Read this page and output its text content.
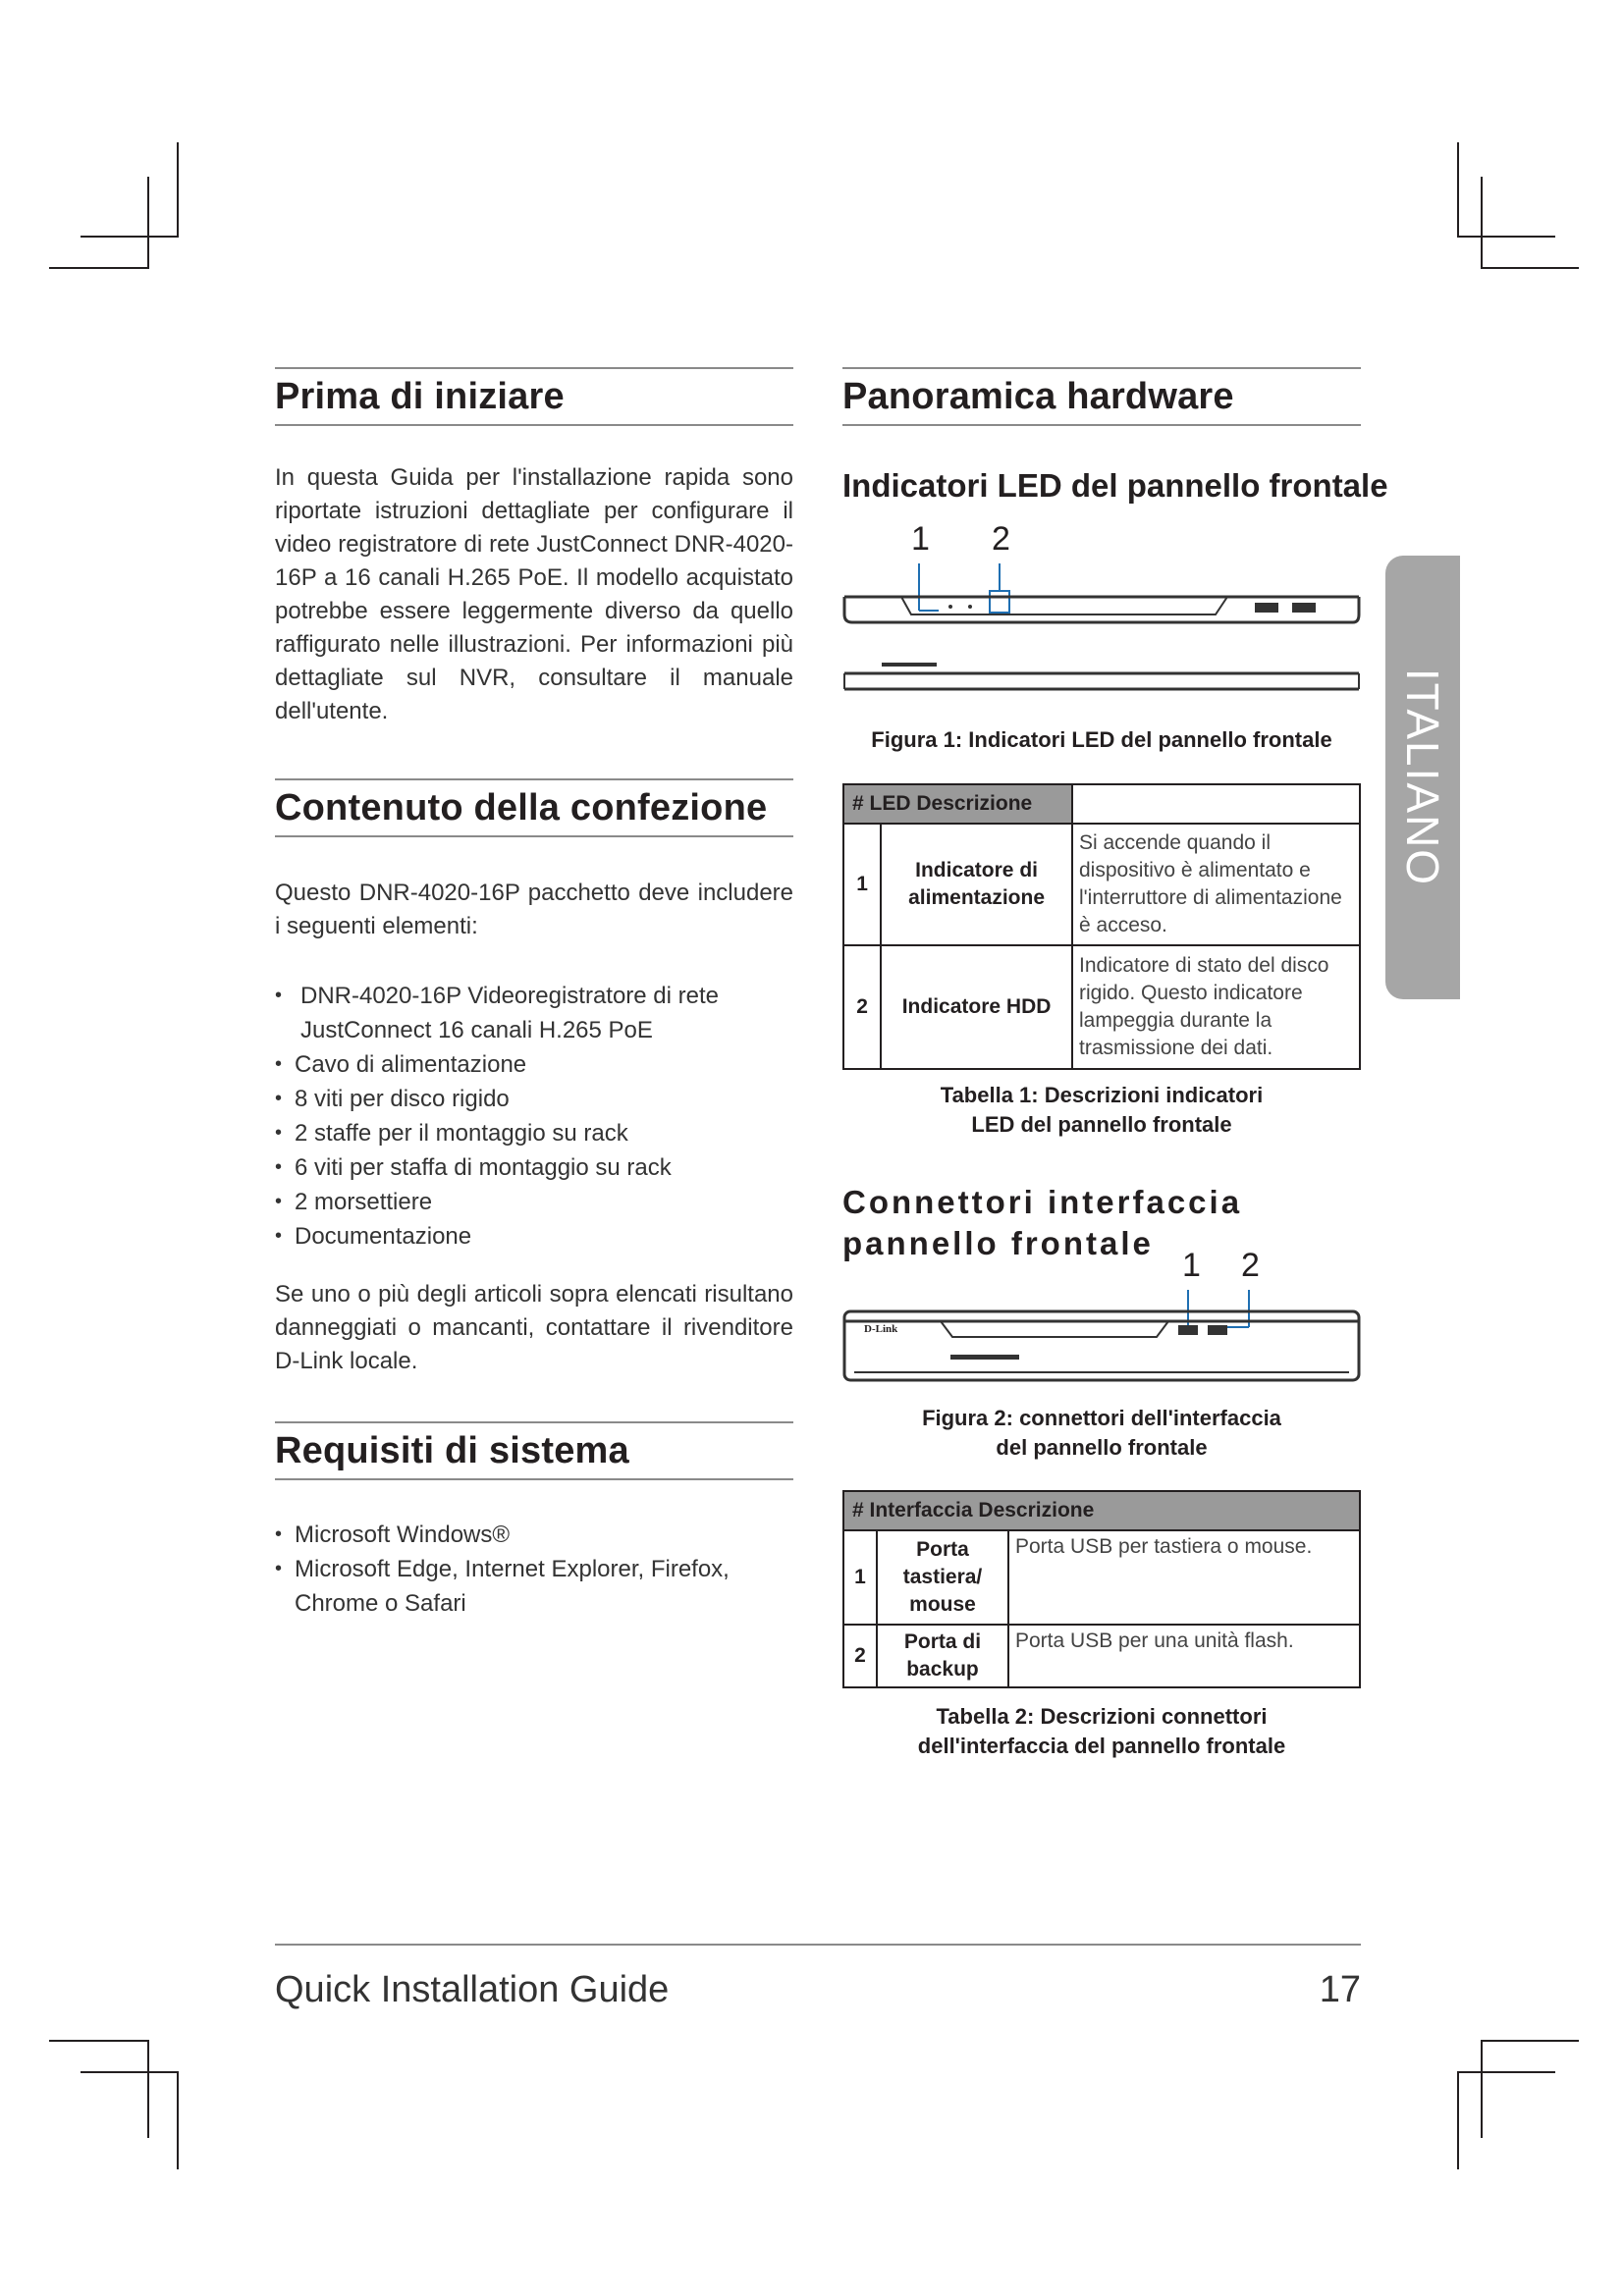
Prima di iniziare

In questa Guida per l'installazione rapida sono riportate istruzioni dettagliate per configurare il video registratore di rete JustConnect DNR-4020-16P a 16 canali H.265 PoE. Il modello acquistato potrebbe essere leggermente diverso da quello raffigurato nelle illustrazioni. Per informazioni più dettagliate sul NVR, consultare il manuale dell'utente.

Contenuto della confezione

Questo DNR-4020-16P pacchetto deve includere i seguenti elementi:

• DNR-4020-16P Videoregistratore di rete JustConnect 16 canali H.265 PoE
• Cavo di alimentazione
• 8 viti per disco rigido
• 2 staffe per il montaggio su rack
• 6 viti per staffa di montaggio su rack
• 2 morsettiere
• Documentazione

Se uno o più degli articoli sopra elencati risultano danneggiati o mancanti, contattare il rivenditore D-Link locale.

Requisiti di sistema
• Microsoft Windows®
• Microsoft Edge, Internet Explorer, Firefox, Chrome o Safari
Panoramica hardware
Indicatori LED del pannello frontale
1 2
Figura 1: Indicatori LED del pannello frontale
# LED Descrizione		
1	Indicatore di alimentazione	Si accende quando il dispositivo è alimentato e l'interruttore di alimentazione è acceso.
2	Indicatore HDD	Indicatore di stato del disco rigido. Questo indicatore lampeggia durante la trasmissione dei dati.
Tabella 1: Descrizioni indicatori
LED del pannello frontale
Connettori interfaccia pannello frontale
1 2
D-Link
Figura 2: connettori dell'interfaccia
del pannello frontale
# Interfaccia Descrizione		
1	Porta tastiera/ mouse	Porta USB per tastiera o mouse.
2	Porta di backup	Porta USB per una unità flash.
Tabella 2: Descrizioni connettori
dell'interfaccia del pannello frontale
ITALIANO
Quick Installation Guide	17
